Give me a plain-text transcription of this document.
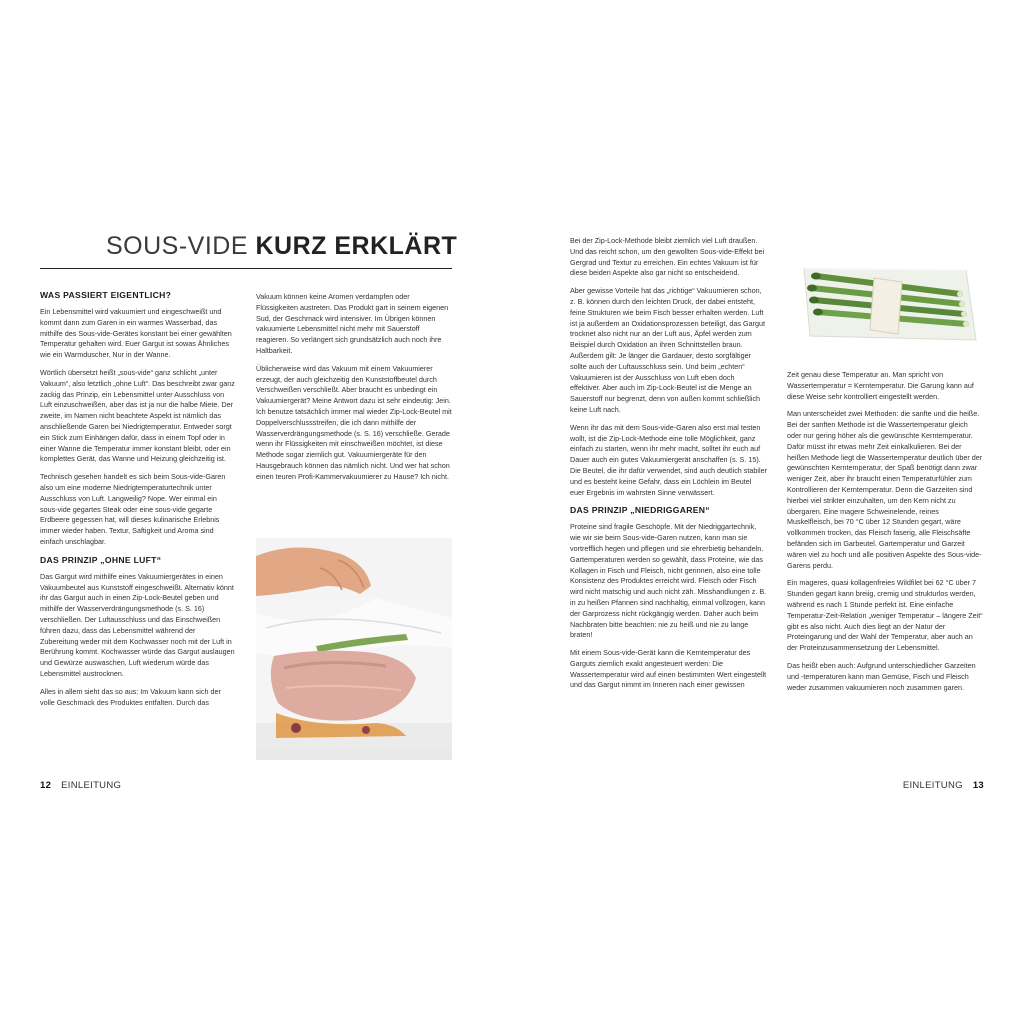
SOUS-VIDE KURZ ERKLÄRT
WAS PASSIERT EIGENTLICH?

Ein Lebensmittel wird vakuumiert und eingeschweißt und kommt dann zum Garen in ein warmes Wasserbad, das mithilfe des Sous-vide-Gerätes konstant bei einer gewählten Temperatur gehalten wird. Euer Gargut ist sowas Ähnliches wie ein Warmduscher. Nur in der Wanne.

Wörtlich übersetzt heißt „sous-vide“ ganz schlicht „unter Vakuum“, also letztlich „ohne Luft“. Das beschreibt zwar ganz zackig das Prinzip, ein Lebensmittel unter Ausschluss von Luft einzuschweißen, aber das ist ja nur die halbe Miete. Der zweite, im Namen nicht beachtete Aspekt ist nämlich das anschließende Garen bei Niedrigtemperatur. Entweder sorgt ein Stick zum Einhängen dafür, dass in einem Topf oder in einer Wanne die Temperatur immer konstant bleibt, oder ein komplettes Gerät, das Wanne und Heizung gleichzeitig ist.

Technisch gesehen handelt es sich beim Sous-vide-Garen also um eine moderne Niedrigtemperaturtechnik unter Ausschluss von Luft. Langweilig? Nope. Wer einmal ein sous-vide gegartes Steak oder eine sous-vide gegarte Erdbeere gegessen hat, will dieses kulinarische Erlebnis immer wieder haben. Textur, Saftigkeit und Aroma sind einfach unschlagbar.

DAS PRINZIP „OHNE LUFT“

Das Gargut wird mithilfe eines Vakuumiergerätes in einen Vakuumbeutel aus Kunststoff eingeschweißt. Alternativ könnt ihr das Gargut auch in einen Zip-Lock-Beutel geben und mithilfe der Wasserverdrängungsmethode (s. S. 16) verschließen. Der Luftausschluss und das Einschweißen führen dazu, dass das Lebensmittel während der Zubereitung weder mit dem Kochwasser noch mit der Luft in Berührung kommt. Kochwasser würde das Gargut auslaugen und Gewürze auswaschen, Luft wiederum würde das Lebensmittel austrocknen.

Alles in allem sieht das so aus: Im Vakuum kann sich der volle Geschmack des Produktes entfalten. Durch das

Vakuum können keine Aromen verdampfen oder Flüssigkeiten austreten. Das Produkt gart in seinem eigenen Sud, der Geschmack wird intensiver. Im Übrigen können vakuumierte Lebensmittel nicht mehr mit Sauerstoff reagieren. So verlängert sich grundsätzlich auch noch ihre Haltbarkeit.

Üblicherweise wird das Vakuum mit einem Vakuumierer erzeugt, der auch gleichzeitig den Kunststoffbeutel durch Verschweißen verschließt. Aber braucht es unbedingt ein Vakuumiergerät? Meine Antwort dazu ist sehr eindeutig: Jein. Ich benutze tatsächlich immer mal wieder Zip-Lock-Beutel mit Doppelverschlussstreifen, die ich dann mithilfe der Wasserverdrängungsmethode (s. S. 16) verschließe. Gerade wenn ihr Flüssigkeiten mit einschweißen möchtet, ist diese Methode sogar ziemlich gut. Vakuumiergeräte für den Hausgebrauch können das nämlich nicht. Und wer hat schon einen teuren Profi-Kammervakuumierer zu Hause? Ich nicht.

Bei der Zip-Lock-Methode bleibt ziemlich viel Luft draußen. Und das reicht schon, um den gewollten Sous-vide-Effekt bei Gergrad und Textur zu erreichen. Ein echtes Vakuum ist für diese beiden Aspekte also gar nicht so entscheidend.

Aber gewisse Vorteile hat das „richtige“ Vakuumieren schon, z. B. können durch den leichten Druck, der dabei entsteht, feine Strukturen wie beim Fisch besser erhalten werden. Luft ist ja außerdem an Oxidationsprozessen beteiligt, das Gargut trocknet also nicht nur an der Luft aus, Äpfel werden zum Beispiel durch Oxidation an ihren Schnittstellen braun. Außerdem gilt: Je länger die Gardauer, desto sorgfältiger sollte auch der Luftausschluss sein. Und beim „echten“ Vakuumieren ist der Ausschluss von Luft eben doch effektiver. Aber auch im Zip-Lock-Beutel ist die Menge an Sauerstoff nur begrenzt, denn von außen kommt schließlich keine Luft nach.

Wenn ihr das mit dem Sous-vide-Garen also erst mal testen wollt, ist die Zip-Lock-Methode eine tolle Möglichkeit, ganz einfach zu starten, wenn ihr mehr macht, solltet ihr euch auf Dauer auch ein gutes Vakuumiergerät anschaffen (s. S. 15). Die Beutel, die ihr dafür verwendet, sind auch deutlich stabiler und es besteht keine Gefahr, dass ein Löchlein im Beutel euer Ergebnis im wahrsten Sinne verwässert.

DAS PRINZIP „NIEDRIGGAREN“

Proteine sind fragile Geschöpfe. Mit der Niedriggartechnik, wie wir sie beim Sous-vide-Garen nutzen, kann man sie vortrefflich hegen und pflegen und sie ehrerbietig behandeln. Gartemperaturen werden so gewählt, dass Proteine, wie das Kollagen in Fisch und Fleisch, nicht gerinnen, also eine tolle Konsistenz des Produktes erreicht wird. Fleisch oder Fisch wird nicht matschig und auch nicht zäh. Misshandlungen z. B. in zu heißen Pfannen sind nachhaltig, einmal vollzogen, kann der Garprozess nicht rückgängig werden. Daher auch beim Nachbraten bitte beachten: nie zu heiß und nie zu lange braten!

Mit einem Sous-vide-Gerät kann die Kerntemperatur des Garguts ziemlich exakt angesteuert werden: Die Wassertemperatur wird auf einen bestimmten Wert eingestellt und das Gargut nimmt im Inneren nach einer gewissen

Zeit genau diese Temperatur an. Man spricht von Wassertemperatur = Kerntemperatur. Die Garung kann auf diese Weise sehr kontrolliert eingestellt werden.

Man unterscheidet zwei Methoden: die sanfte und die heiße. Bei der sanften Methode ist die Wassertemperatur gleich oder nur gering höher als die gewünschte Kerntemperatur. Dafür müsst ihr etwas mehr Zeit einkalkulieren. Bei der heißen Methode liegt die Wassertemperatur deutlich über der gewünschten Kerntemperatur, der Spaß benötigt dann zwar weniger Zeit, aber ihr braucht einen Temperaturfühler zum Kontrollieren der Kerntemperatur. Denn die Garzeiten sind hierbei viel strikter einzuhalten, um den Kern nicht zu übergaren. Eine magere Schweinelende, reines Muskelfleisch, bei 70 °C über 12 Stunden gegart, wäre vollkommen trocken, das Fleisch faserig, alle Fleischsäfte befänden sich im Garbeutel. Gartemperatur und Garzeit wären viel zu hoch und alle positiven Aspekte des Sous-vide-Garens perdu.

Ein mageres, quasi kollagenfreies Wildfilet bei 62 °C über 7 Stunden gegart kann breiig, cremig und strukturlos werden, während es nach 1 Stunde perfekt ist. Eine einfache Temperatur-Zeit-Relation „weniger Temperatur – längere Zeit“ gibt es also nicht. Auch dies liegt an der Natur der Proteingarung und der Wahl der Temperatur, aber auch an der Proteinzusammensetzung der Lebensmittel.

Das heißt eben auch: Aufgrund unterschiedlicher Garzeiten und -temperaturen kann man Gemüse, Fisch und Fleisch weder zusammen vakuumieren noch zusammen garen.

12 EINLEITUNG	EINLEITUNG 13
